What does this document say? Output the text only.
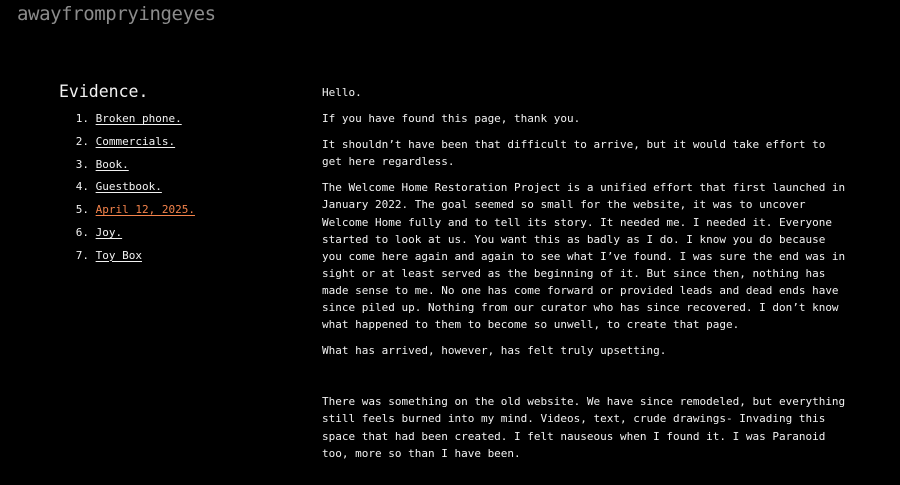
awayfrompryingeyes
Evidence.
1.
Broken phone.
2.
Commercials.
3.
Book.
4.
Guestbook.
5.
April 12, 2025.
6.
Joy.
7.
Toy Box

Hello.

If you have found this page, thank you.

It shouldn’t have been that difficult to arrive, but it would take effort to get here regardless.

The Welcome Home Restoration Project is a unified effort that first launched in January 2022. The goal seemed so small for the website, it was to uncover Welcome Home fully and to tell its story. It needed me. I needed it. Everyone started to look at us. You want this as badly as I do. I know you do because you come here again and again to see what I’ve found. I was sure the end was in sight or at least served as the beginning of it. But since then, nothing has made sense to me. No one has come forward or provided leads and dead ends have since piled up. Nothing from our curator who has since recovered. I don’t know what happened to them to become so unwell, to create that page.

What has arrived, however, has felt truly upsetting.

There was something on the old website. We have since remodeled, but everything still feels burned into my mind. Videos, text, crude drawings- Invading this space that had been created. I felt nauseous when I found it. I was Paranoid too, more so than I have been.
